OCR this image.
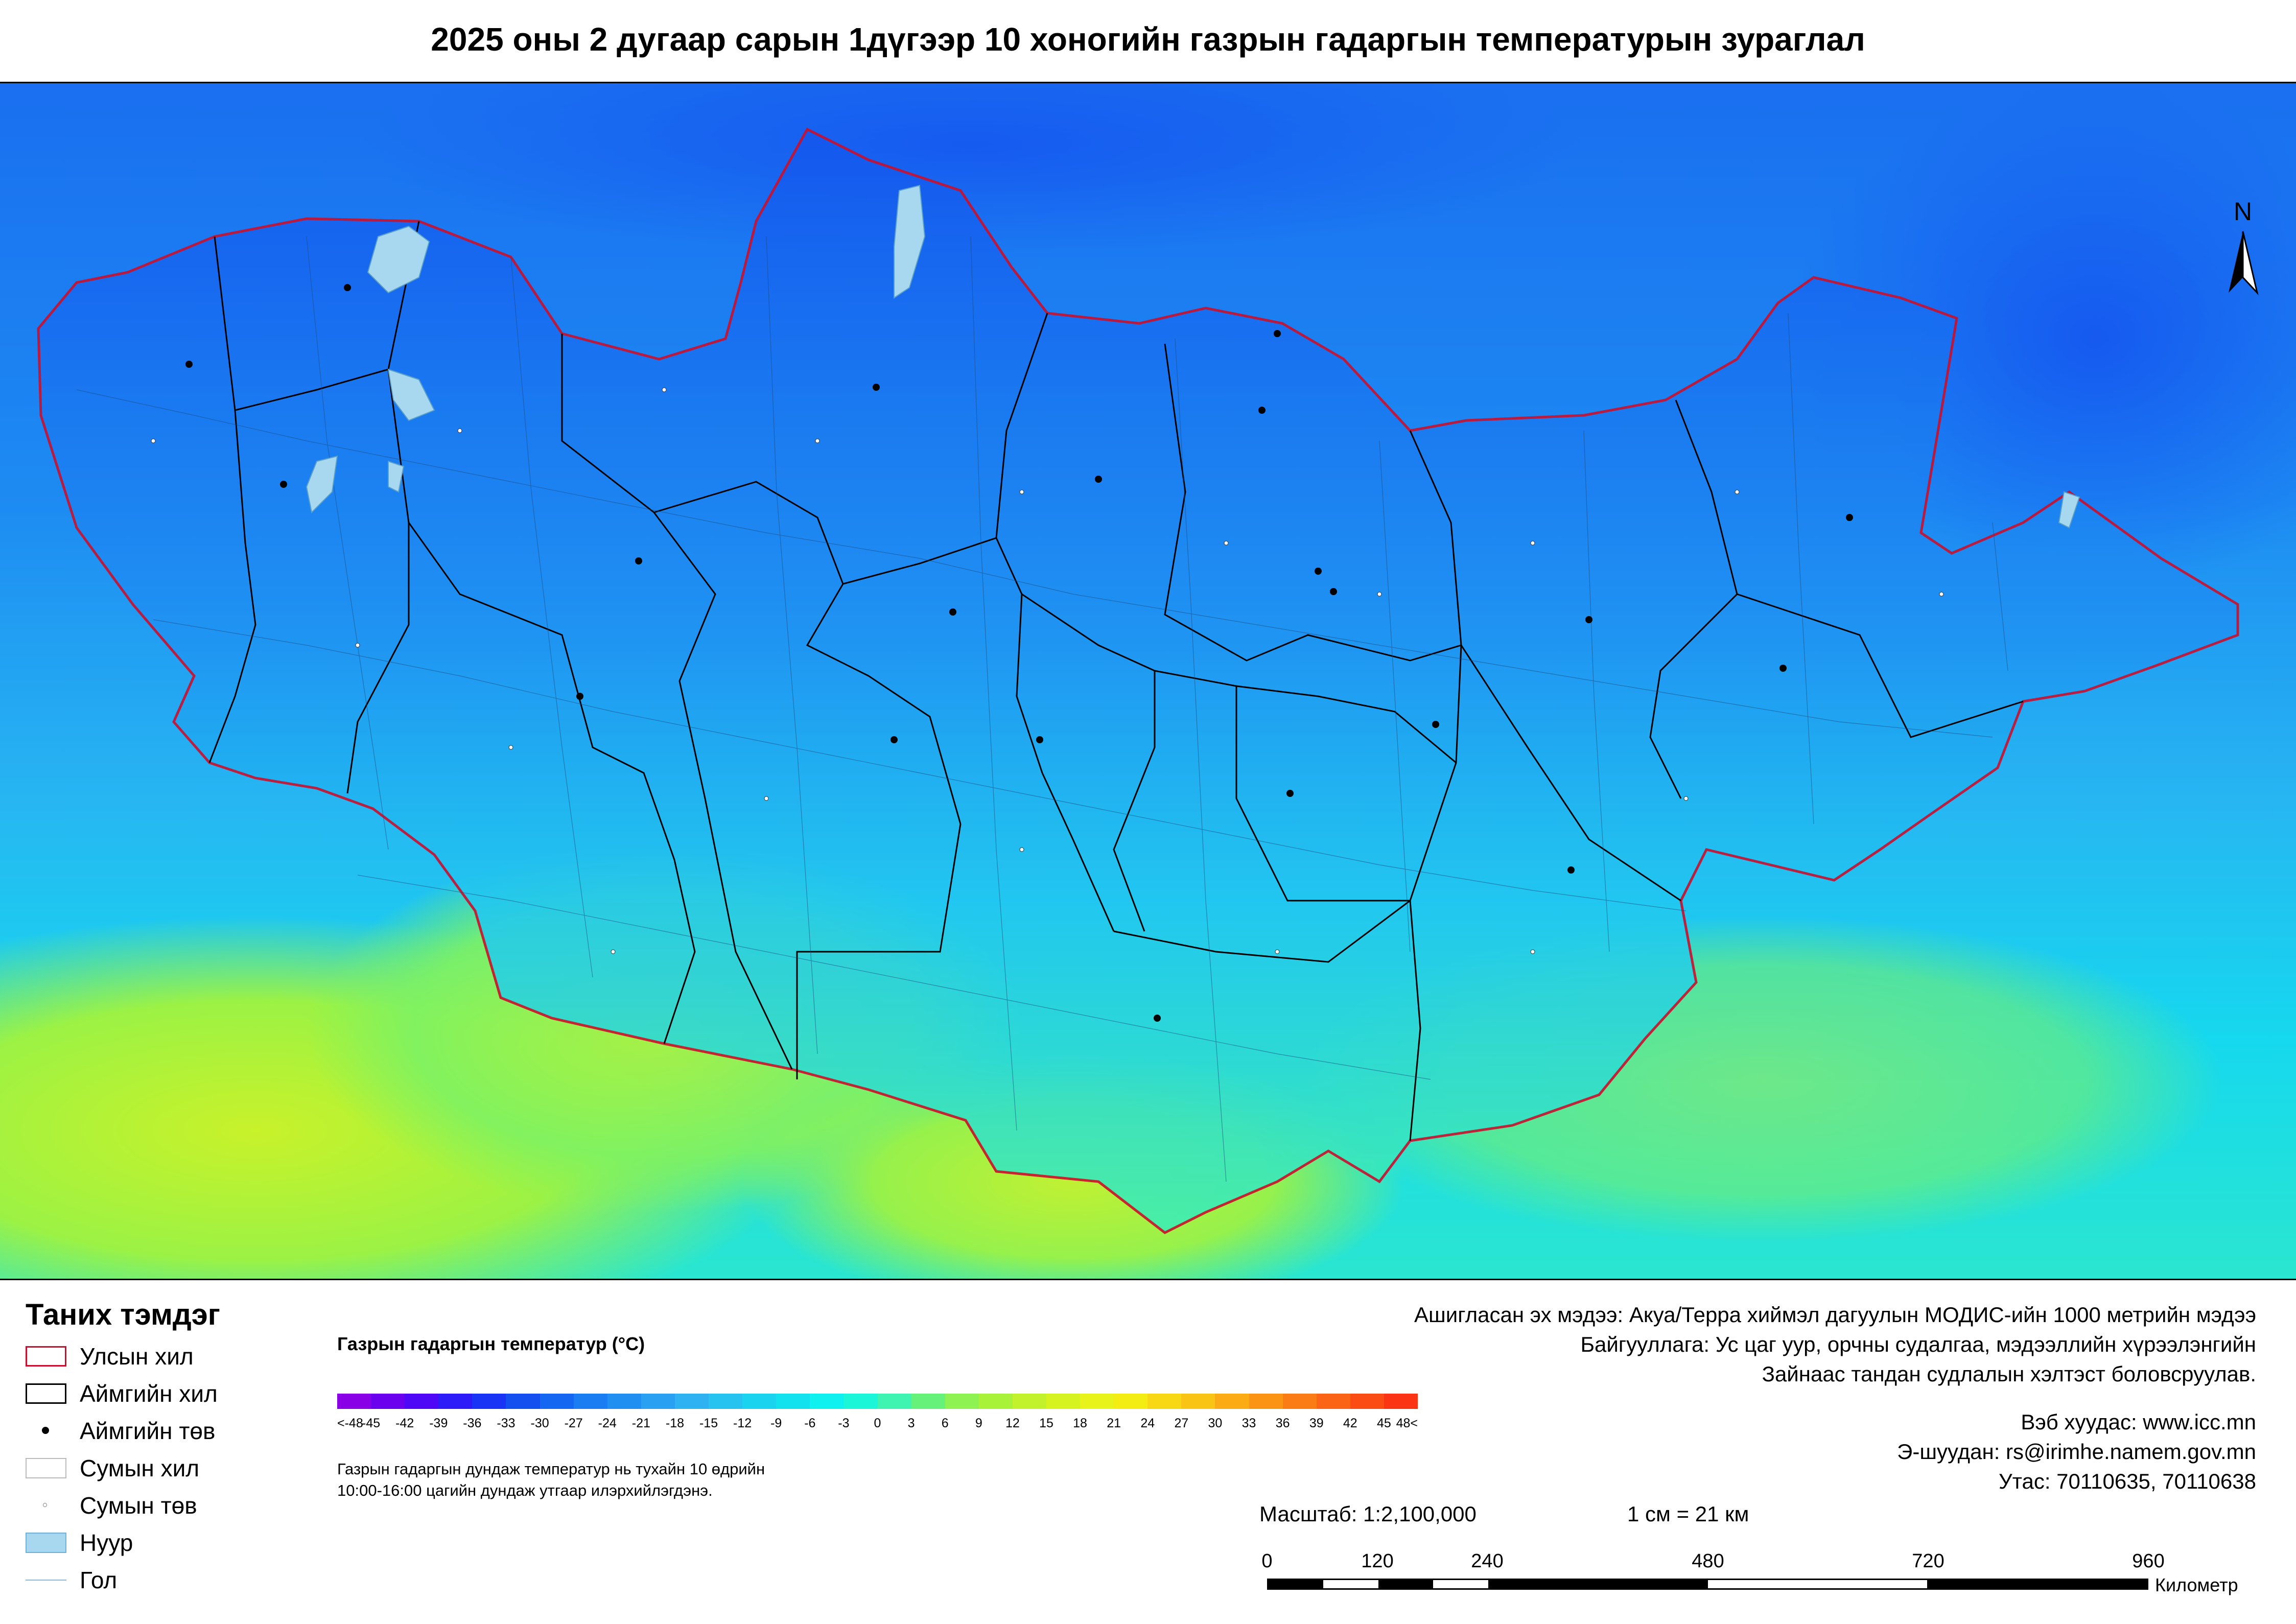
2025 оны 2 дугаар сарын 1дүгээр 10 хоногийн газрын гадаргын температурын зураглал
N
Таних тэмдэг
Улсын хил
Аймгийн хил
Аймгийн төв
Сумын хил
Сумын төв
Нуур
Гол
Газрын гадаргын температур (°C)
<-48
-45 -42 -39 -36 -33 -30 -27 -24 -21 -18 -15 -12 -9 -6 -3 0 3 6 9 12 15 18 21 24 27 30 33 36 39 42 45 48<
Газрын гадаргын дундаж температур нь тухайн 10 өдрийн
10:00-16:00 цагийн дундаж утгаар илэрхийлэгдэнэ.
Ашигласан эх мэдээ: Акуа/Терра хиймэл дагуулын МОДИС-ийн 1000 метрийн мэдээ
Байгууллага: Ус цаг уур, орчны судалгаа, мэдээллийн хүрээлэнгийн
Зайнаас тандан судлалын хэлтэст боловсруулав.
Вэб хуудас: www.icc.mn
Э-шуудан: rs@irimhe.namem.gov.mn
Утас: 70110635, 70110638
Масштаб: 1:2,100,000	1 см = 21 км
0	120	240	480	720	960
Километр
